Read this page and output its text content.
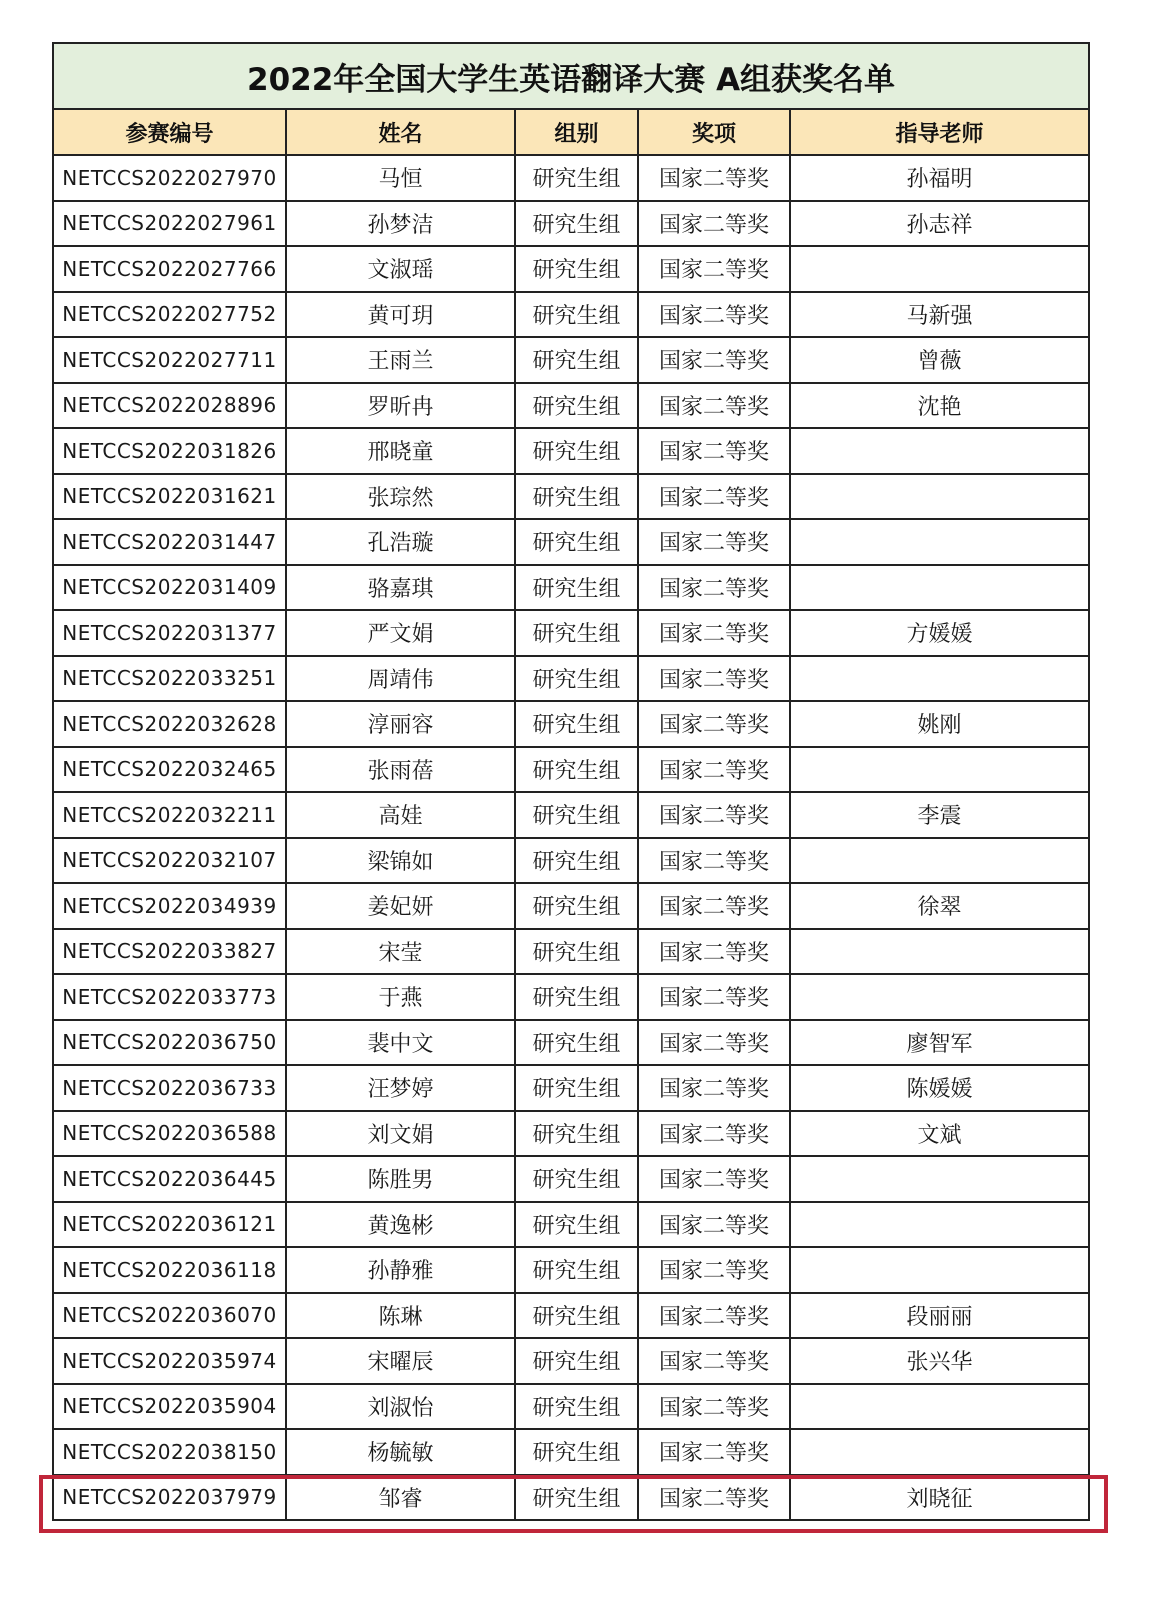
2022年全国大学生英语翻译大赛 A组获奖名单				
参赛编号	姓名	组别	奖项	指导老师
NETCCS2022027970	马恒	研究生组	国家二等奖	孙福明
NETCCS2022027961	孙梦洁	研究生组	国家二等奖	孙志祥
NETCCS2022027766	文淑瑶	研究生组	国家二等奖	
NETCCS2022027752	黄可玥	研究生组	国家二等奖	马新强
NETCCS2022027711	王雨兰	研究生组	国家二等奖	曾薇
NETCCS2022028896	罗昕冉	研究生组	国家二等奖	沈艳
NETCCS2022031826	邢晓童	研究生组	国家二等奖	
NETCCS2022031621	张琮然	研究生组	国家二等奖	
NETCCS2022031447	孔浩璇	研究生组	国家二等奖	
NETCCS2022031409	骆嘉琪	研究生组	国家二等奖	
NETCCS2022031377	严文娟	研究生组	国家二等奖	方媛媛
NETCCS2022033251	周靖伟	研究生组	国家二等奖	
NETCCS2022032628	淳丽容	研究生组	国家二等奖	姚刚
NETCCS2022032465	张雨蓓	研究生组	国家二等奖	
NETCCS2022032211	高娃	研究生组	国家二等奖	李震
NETCCS2022032107	梁锦如	研究生组	国家二等奖	
NETCCS2022034939	姜妃妍	研究生组	国家二等奖	徐翠
NETCCS2022033827	宋莹	研究生组	国家二等奖	
NETCCS2022033773	于燕	研究生组	国家二等奖	
NETCCS2022036750	裴中文	研究生组	国家二等奖	廖智军
NETCCS2022036733	汪梦婷	研究生组	国家二等奖	陈媛媛
NETCCS2022036588	刘文娟	研究生组	国家二等奖	文斌
NETCCS2022036445	陈胜男	研究生组	国家二等奖	
NETCCS2022036121	黄逸彬	研究生组	国家二等奖	
NETCCS2022036118	孙静雅	研究生组	国家二等奖	
NETCCS2022036070	陈琳	研究生组	国家二等奖	段丽丽
NETCCS2022035974	宋曜辰	研究生组	国家二等奖	张兴华
NETCCS2022035904	刘淑怡	研究生组	国家二等奖	
NETCCS2022038150	杨毓敏	研究生组	国家二等奖	
NETCCS2022037979	邹睿	研究生组	国家二等奖	刘晓征
